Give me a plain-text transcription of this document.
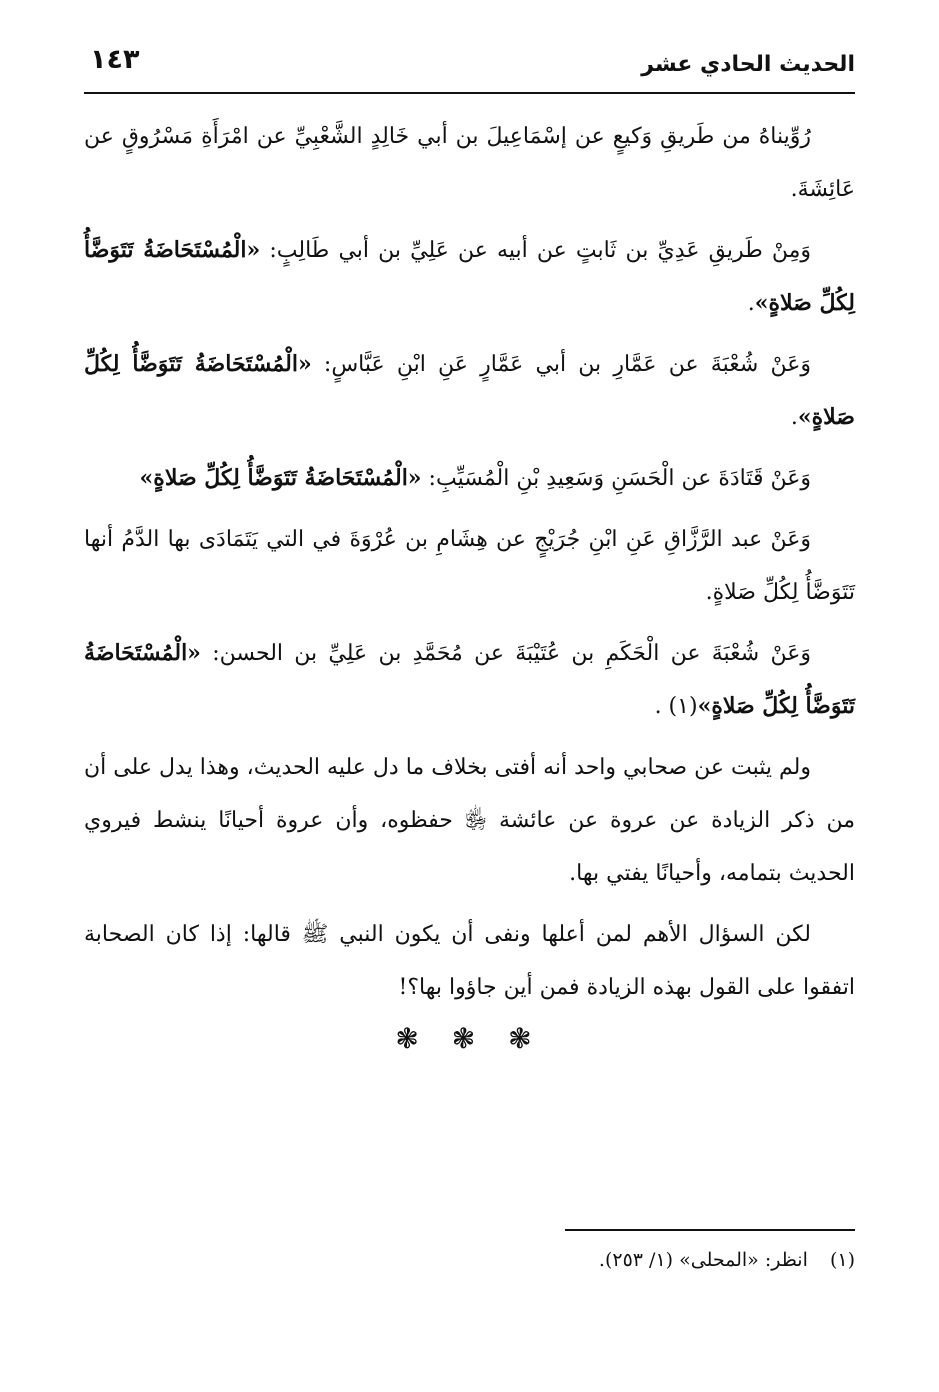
الحديث الحادي عشر
١٤٣

رُوِّيناهُ من طَريقِ وَكيعٍ عن إسْمَاعِيلَ بن أبي خَالِدٍ الشَّعْبِيِّ عن امْرَأَةِ مَسْرُوقٍ عن عَائِشَةَ.

وَمِنْ طَريقِ عَدِيِّ بن ثَابتٍ عن أبيه عن عَلِيِّ بن أبي طَالِبٍ: «الْمُسْتَحَاضَةُ تَتَوَضَّأُ لِكُلِّ صَلاةٍ».

وَعَنْ شُعْبَةَ عن عَمَّارِ بن أبي عَمَّارٍ عَنِ ابْنِ عَبَّاسٍ: «الْمُسْتَحَاضَةُ تَتَوَضَّأُ لِكُلِّ صَلاةٍ».

وَعَنْ قَتَادَةَ عن الْحَسَنِ وَسَعِيدِ بْنِ الْمُسَيِّبِ: «الْمُسْتَحَاضَةُ تَتَوَضَّأُ لِكُلِّ صَلاةٍ»

وَعَنْ عبد الرَّزَّاقِ عَنِ ابْنِ جُرَيْجٍ عن هِشَامِ بن عُرْوَةَ في التي يَتَمَادَى بها الدَّمُ أنها تَتَوَضَّأُ لِكُلِّ صَلاةٍ.

وَعَنْ شُعْبَةَ عن الْحَكَمِ بن عُتَيْبَةَ عن مُحَمَّدِ بن عَلِيِّ بن الحسن: «الْمُسْتَحَاضَةُ تَتَوَضَّأُ لِكُلِّ صَلاةٍ»(١) .

ولم يثبت عن صحابي واحد أنه أفتى بخلاف ما دل عليه الحديث، وهذا يدل على أن من ذكر الزيادة عن عروة عن عائشة ﵂ حفظوه، وأن عروة أحيانًا ينشط فيروي الحديث بتمامه، وأحيانًا يفتي بها.

لكن السؤال الأهم لمن أعلها ونفى أن يكون النبي ﷺ قالها: إذا كان الصحابة اتفقوا على القول بهذه الزيادة فمن أين جاؤوا بها؟!

❃ ❃ ❃
(١) انظر: «المحلى» (١/ ٢٥٣).
